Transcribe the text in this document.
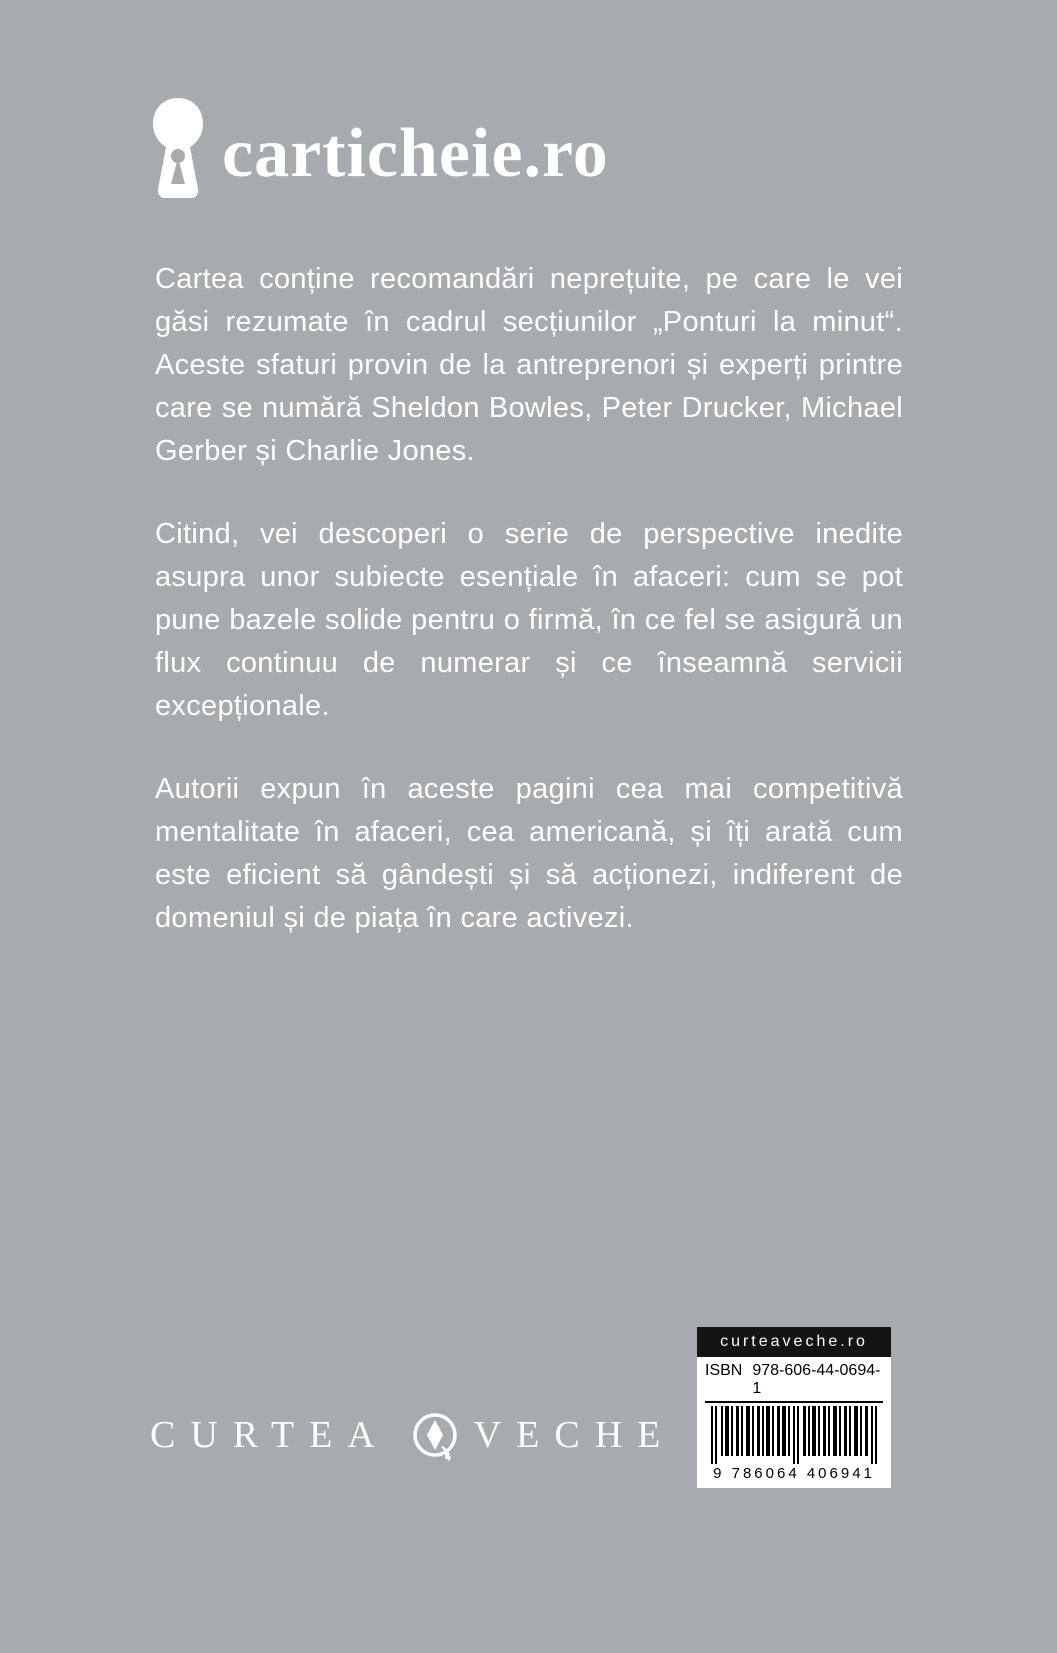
carticheie.ro

Cartea conține recomandări neprețuite, pe care le vei găsi rezumate în cadrul secțiunilor „Ponturi la minut“. Aceste sfaturi provin de la antreprenori și experți printre care se numără Sheldon Bowles, Peter Drucker, Michael Gerber și Charlie Jones.

Citind, vei descoperi o serie de perspective inedite asupra unor subiecte esențiale în afaceri: cum se pot pune bazele solide pentru o firmă, în ce fel se asigură un flux continuu de numerar și ce înseamnă servicii excepționale.

Autorii expun în aceste pagini cea mai competitivă mentalitate în afaceri, cea americană, și îți arată cum este eficient să gândești și să acționezi, indiferent de domeniul și de piața în care activezi.

CURTEA VECHE
curteaveche.ro
ISBN 978-606-44-0694-1
9 786064 406941
